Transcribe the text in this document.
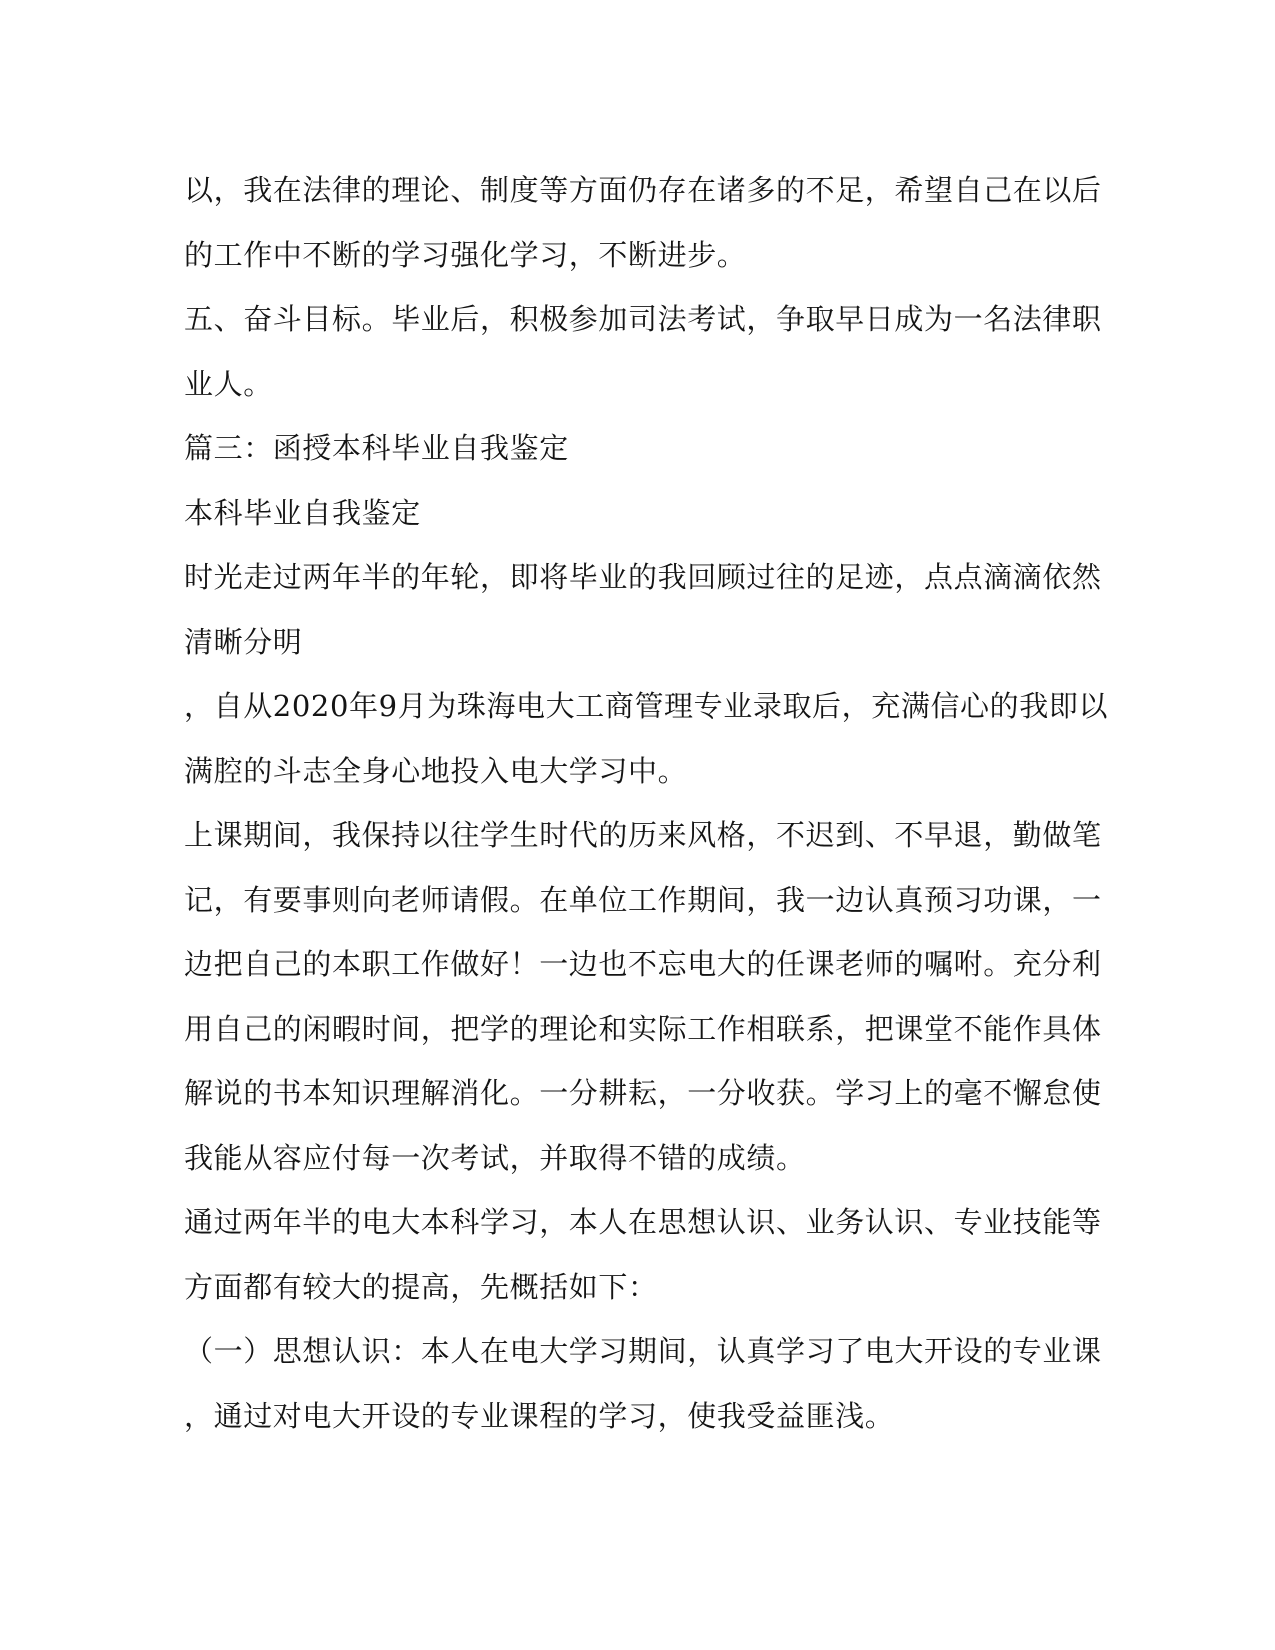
以，我在法律的理论、制度等方面仍存在诸多的不足，希望自己在以后
的工作中不断的学习强化学习，不断进步。
五、奋斗目标。毕业后，积极参加司法考试，争取早日成为一名法律职
业人。
篇三：函授本科毕业自我鉴定
本科毕业自我鉴定
时光走过两年半的年轮，即将毕业的我回顾过往的足迹，点点滴滴依然
清晰分明
，自从2020年9月为珠海电大工商管理专业录取后，充满信心的我即以
满腔的斗志全身心地投入电大学习中。
上课期间，我保持以往学生时代的历来风格，不迟到、不早退，勤做笔
记，有要事则向老师请假。在单位工作期间，我一边认真预习功课，一
边把自己的本职工作做好！一边也不忘电大的任课老师的嘱咐。充分利
用自己的闲暇时间，把学的理论和实际工作相联系，把课堂不能作具体
解说的书本知识理解消化。一分耕耘，一分收获。学习上的毫不懈怠使
我能从容应付每一次考试，并取得不错的成绩。
通过两年半的电大本科学习，本人在思想认识、业务认识、专业技能等
方面都有较大的提高，先概括如下：
（一）思想认识：本人在电大学习期间，认真学习了电大开设的专业课
，通过对电大开设的专业课程的学习，使我受益匪浅。
